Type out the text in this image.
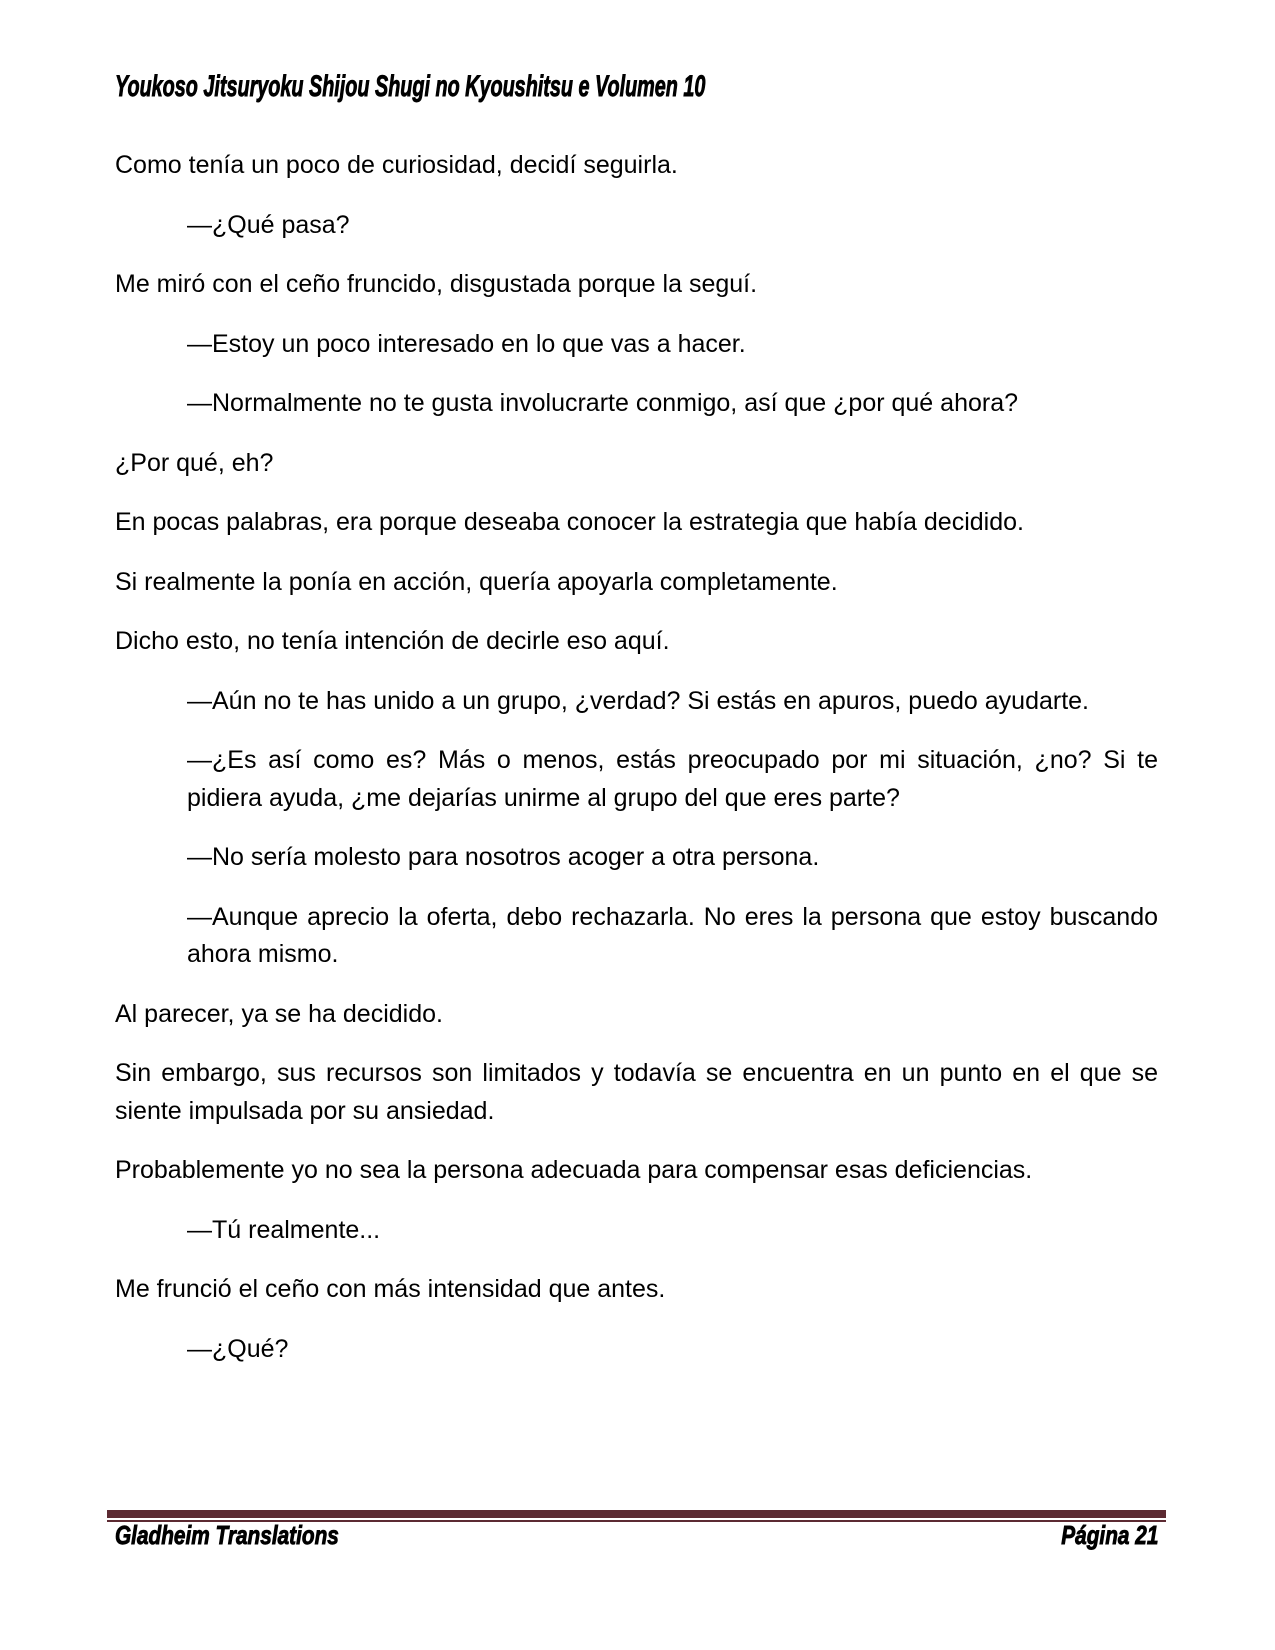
Youkoso Jitsuryoku Shijou Shugi no Kyoushitsu e Volumen 10

Como tenía un poco de curiosidad, decidí seguirla.

—¿Qué pasa?

Me miró con el ceño fruncido, disgustada porque la seguí.

—Estoy un poco interesado en lo que vas a hacer.

—Normalmente no te gusta involucrarte conmigo, así que ¿por qué ahora?

¿Por qué, eh?

En pocas palabras, era porque deseaba conocer la estrategia que había decidido.

Si realmente la ponía en acción, quería apoyarla completamente.

Dicho esto, no tenía intención de decirle eso aquí.

—Aún no te has unido a un grupo, ¿verdad? Si estás en apuros, puedo ayudarte.

—¿Es así como es? Más o menos, estás preocupado por mi situación, ¿no? Si te pidiera ayuda, ¿me dejarías unirme al grupo del que eres parte?

—No sería molesto para nosotros acoger a otra persona.

—Aunque aprecio la oferta, debo rechazarla. No eres la persona que estoy buscando ahora mismo.

Al parecer, ya se ha decidido.

Sin embargo, sus recursos son limitados y todavía se encuentra en un punto en el que se siente impulsada por su ansiedad.

Probablemente yo no sea la persona adecuada para compensar esas deficiencias.

—Tú realmente...

Me frunció el ceño con más intensidad que antes.

—¿Qué?

Gladheim Translations	Página 21
